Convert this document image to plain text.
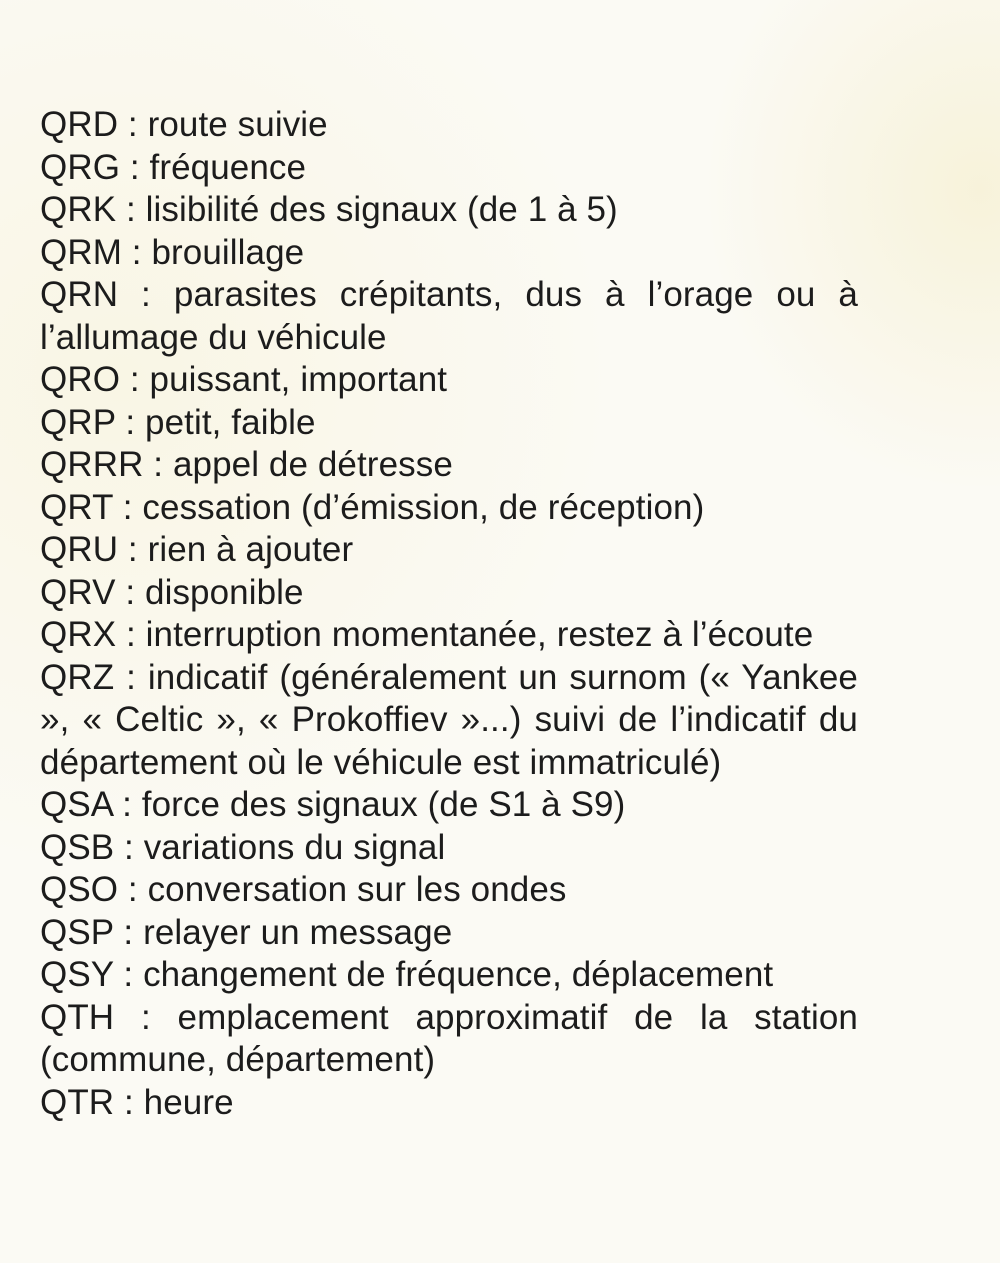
QRD : route suivie
QRG : fréquence
QRK : lisibilité des signaux (de 1 à 5)
QRM : brouillage
QRN : parasites crépitants, dus à l’orage ou à l’allumage du véhicule
QRO : puissant, important
QRP : petit, faible
QRRR : appel de détresse
QRT : cessation (d’émission, de réception)
QRU : rien à ajouter
QRV : disponible
QRX : interruption momentanée, restez à l’écoute
QRZ : indicatif (généralement un surnom (« Yankee », « Celtic », « Prokoffiev »...) suivi de l’indicatif du département où le véhicule est immatriculé)
QSA : force des signaux (de S1 à S9)
QSB : variations du signal
QSO : conversation sur les ondes
QSP : relayer un message
QSY : changement de fréquence, déplacement
QTH : emplacement approximatif de la station (commune, département)
QTR : heure
